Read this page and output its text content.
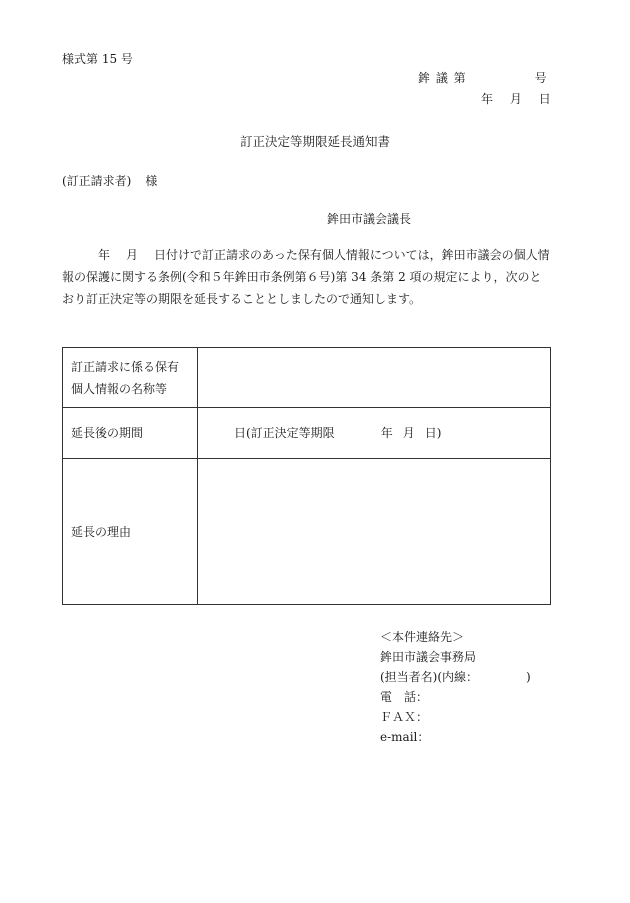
様式第 15 号
鉾 議 第	号
年 月 日
訂正決定等期限延長通知書
(訂正請求者) 様
鉾田市議会議長
年 月 日付けで訂正請求のあった保有個人情報については，鉾田市議会の個人情報の保護に関する条例(令和５年鉾田市条例第６号)第 34 条第 2 項の規定により，次のとおり訂正決定等の期限を延長することとしましたので通知します。
訂正請求に係る保有
個人情報の名称等	

延長後の期間	日(訂正決定等期限 年 月 日)
延長の理由	
＜本件連絡先＞
鉾田市議会事務局
(担当者名)(内線：	)
電　話：
ＦＡＸ：
e-mail：
